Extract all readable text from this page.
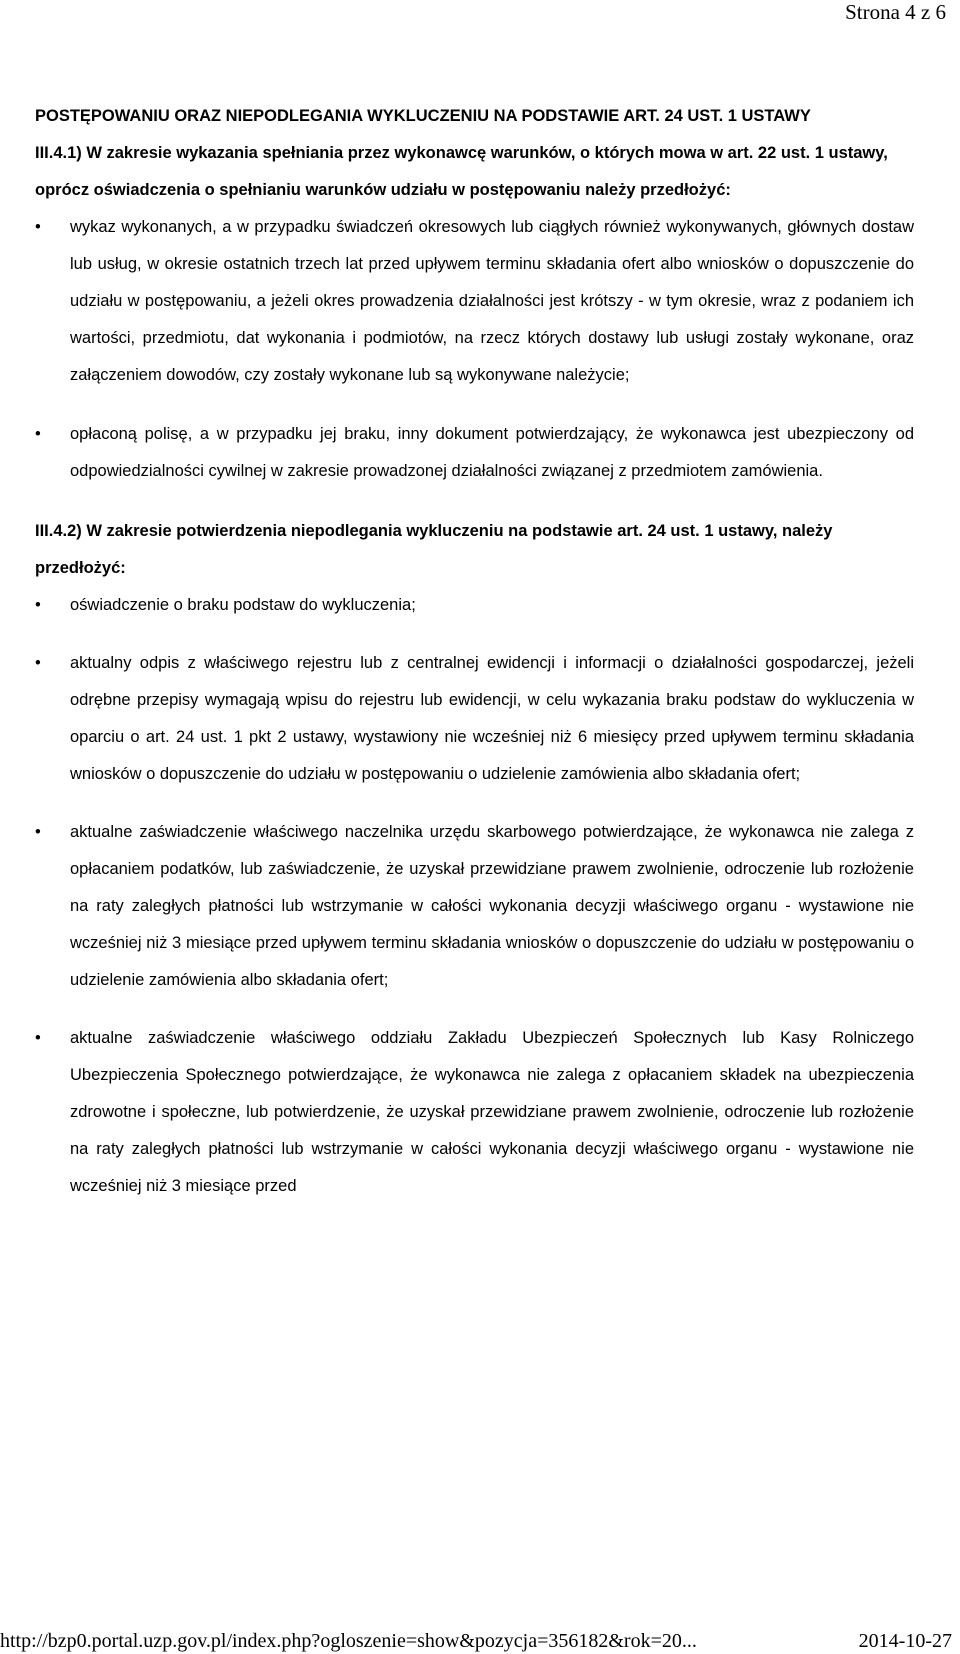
Strona 4 z 6

POSTĘPOWANIU ORAZ NIEPODLEGANIA WYKLUCZENIU NA PODSTAWIE ART. 24 UST. 1 USTAWY

III.4.1) W zakresie wykazania spełniania przez wykonawcę warunków, o których mowa w art. 22 ust. 1 ustawy, oprócz oświadczenia o spełnianiu warunków udziału w postępowaniu należy przedłożyć:

• wykaz wykonanych, a w przypadku świadczeń okresowych lub ciągłych również wykonywanych, głównych dostaw lub usług, w okresie ostatnich trzech lat przed upływem terminu składania ofert albo wniosków o dopuszczenie do udziału w postępowaniu, a jeżeli okres prowadzenia działalności jest krótszy - w tym okresie, wraz z podaniem ich wartości, przedmiotu, dat wykonania i podmiotów, na rzecz których dostawy lub usługi zostały wykonane, oraz załączeniem dowodów, czy zostały wykonane lub są wykonywane należycie;
• opłaconą polisę, a w przypadku jej braku, inny dokument potwierdzający, że wykonawca jest ubezpieczony od odpowiedzialności cywilnej w zakresie prowadzonej działalności związanej z przedmiotem zamówienia.

III.4.2) W zakresie potwierdzenia niepodlegania wykluczeniu na podstawie art. 24 ust. 1 ustawy, należy przedłożyć:

• oświadczenie o braku podstaw do wykluczenia;
• aktualny odpis z właściwego rejestru lub z centralnej ewidencji i informacji o działalności gospodarczej, jeżeli odrębne przepisy wymagają wpisu do rejestru lub ewidencji, w celu wykazania braku podstaw do wykluczenia w oparciu o art. 24 ust. 1 pkt 2 ustawy, wystawiony nie wcześniej niż 6 miesięcy przed upływem terminu składania wniosków o dopuszczenie do udziału w postępowaniu o udzielenie zamówienia albo składania ofert;
• aktualne zaświadczenie właściwego naczelnika urzędu skarbowego potwierdzające, że wykonawca nie zalega z opłacaniem podatków, lub zaświadczenie, że uzyskał przewidziane prawem zwolnienie, odroczenie lub rozłożenie na raty zaległych płatności lub wstrzymanie w całości wykonania decyzji właściwego organu - wystawione nie wcześniej niż 3 miesiące przed upływem terminu składania wniosków o dopuszczenie do udziału w postępowaniu o udzielenie zamówienia albo składania ofert;
• aktualne zaświadczenie właściwego oddziału Zakładu Ubezpieczeń Społecznych lub Kasy Rolniczego Ubezpieczenia Społecznego potwierdzające, że wykonawca nie zalega z opłacaniem składek na ubezpieczenia zdrowotne i społeczne, lub potwierdzenie, że uzyskał przewidziane prawem zwolnienie, odroczenie lub rozłożenie na raty zaległych płatności lub wstrzymanie w całości wykonania decyzji właściwego organu - wystawione nie wcześniej niż 3 miesiące przed
http://bzp0.portal.uzp.gov.pl/index.php?ogloszenie=show&pozycja=356182&rok=20...	2014-10-27
